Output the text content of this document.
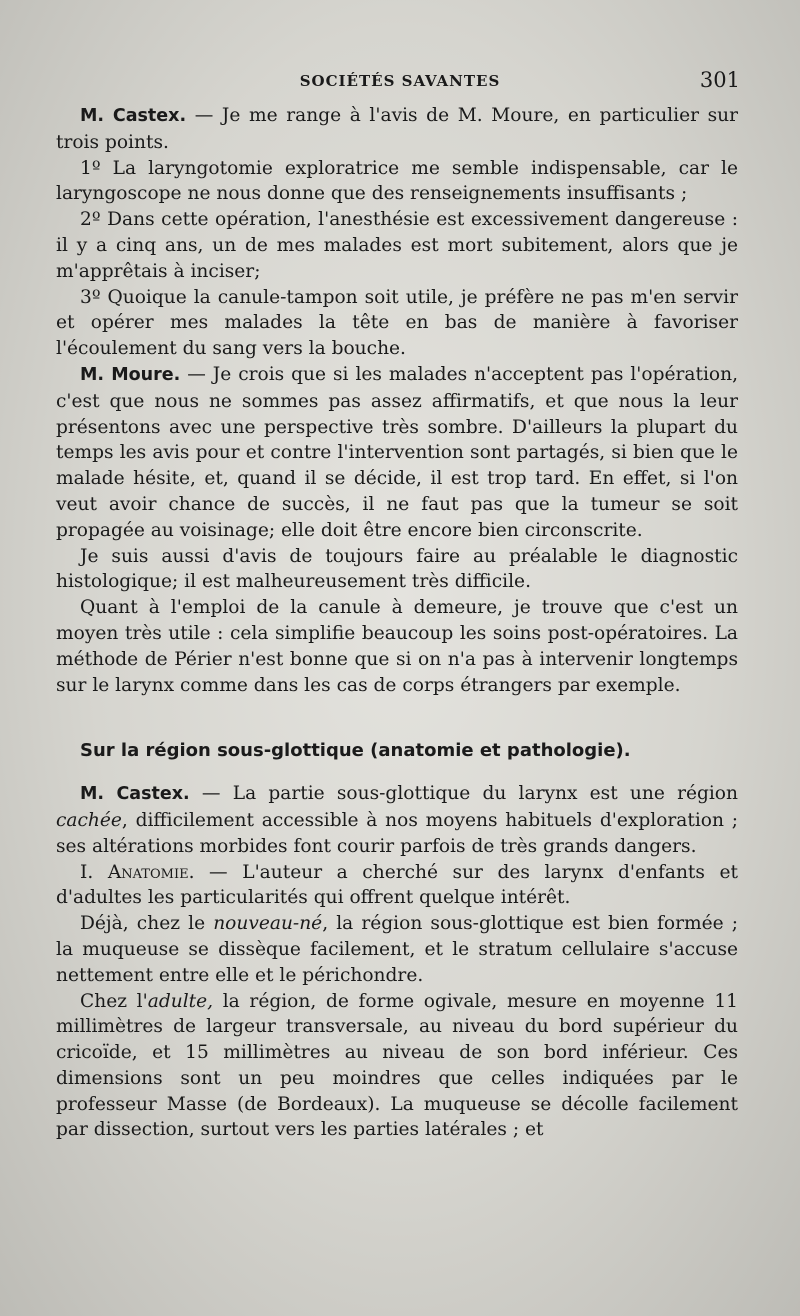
SOCIÉTÉS SAVANTES	301

M. Castex. — Je me range à l'avis de M. Moure, en particulier sur trois points.

1º La laryngotomie exploratrice me semble indispensable, car le laryngoscope ne nous donne que des renseignements insuffisants ;

2º Dans cette opération, l'anesthésie est excessivement dangereuse : il y a cinq ans, un de mes malades est mort subitement, alors que je m'apprêtais à inciser;

3º Quoique la canule-tampon soit utile, je préfère ne pas m'en servir et opérer mes malades la tête en bas de manière à favoriser l'écoulement du sang vers la bouche.

M. Moure. — Je crois que si les malades n'acceptent pas l'opération, c'est que nous ne sommes pas assez affirmatifs, et que nous la leur présentons avec une perspective très sombre. D'ailleurs la plupart du temps les avis pour et contre l'intervention sont partagés, si bien que le malade hésite, et, quand il se décide, il est trop tard. En effet, si l'on veut avoir chance de succès, il ne faut pas que la tumeur se soit propagée au voisinage; elle doit être encore bien circonscrite.

Je suis aussi d'avis de toujours faire au préalable le diagnostic histologique; il est malheureusement très difficile.

Quant à l'emploi de la canule à demeure, je trouve que c'est un moyen très utile : cela simplifie beaucoup les soins post-opératoires. La méthode de Périer n'est bonne que si on n'a pas à intervenir longtemps sur le larynx comme dans les cas de corps étrangers par exemple.

Sur la région sous-glottique (anatomie et pathologie).

M. Castex. — La partie sous-glottique du larynx est une région cachée, difficilement accessible à nos moyens habituels d'exploration ; ses altérations morbides font courir parfois de très grands dangers.

I. Anatomie. — L'auteur a cherché sur des larynx d'enfants et d'adultes les particularités qui offrent quelque intérêt.

Déjà, chez le nouveau-né, la région sous-glottique est bien formée ; la muqueuse se dissèque facilement, et le stratum cellulaire s'accuse nettement entre elle et le périchondre.

Chez l'adulte, la région, de forme ogivale, mesure en moyenne 11 millimètres de largeur transversale, au niveau du bord supérieur du cricoïde, et 15 millimètres au niveau de son bord inférieur. Ces dimensions sont un peu moindres que celles indiquées par le professeur Masse (de Bordeaux). La muqueuse se décolle facilement par dissection, surtout vers les parties latérales ; et
